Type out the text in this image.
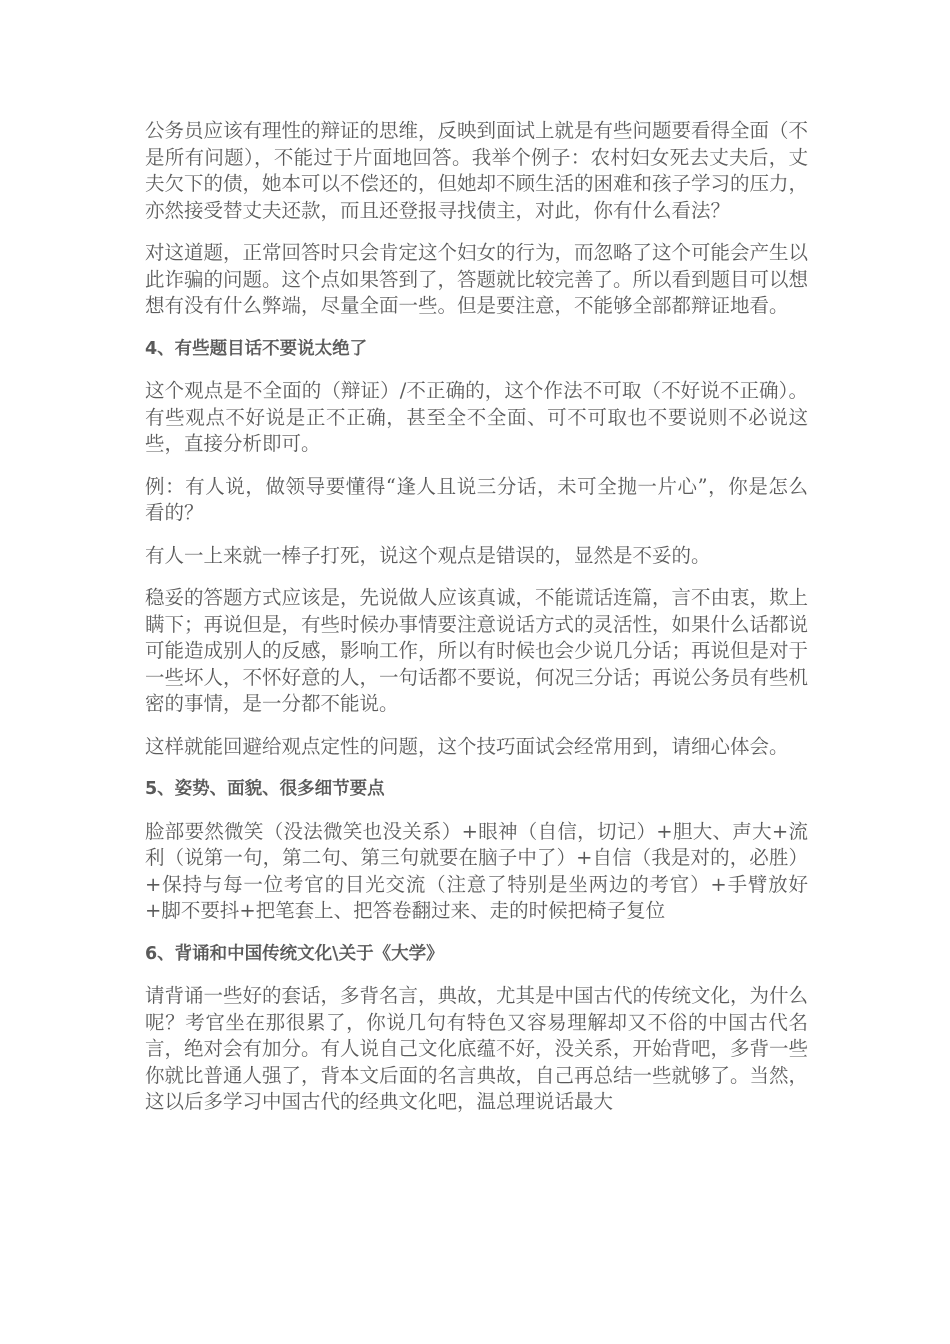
公务员应该有理性的辩证的思维，反映到面试上就是有些问题要看得全面（不是所有问题），不能过于片面地回答。我举个例子：农村妇女死去丈夫后，丈夫欠下的债，她本可以不偿还的，但她却不顾生活的困难和孩子学习的压力，亦然接受替丈夫还款，而且还登报寻找债主，对此，你有什么看法？

对这道题，正常回答时只会肯定这个妇女的行为，而忽略了这个可能会产生以此诈骗的问题。这个点如果答到了，答题就比较完善了。所以看到题目可以想想有没有什么弊端，尽量全面一些。但是要注意，不能够全部都辩证地看。

4、有些题目话不要说太绝了

这个观点是不全面的（辩证）/不正确的，这个作法不可取（不好说不正确）。有些观点不好说是正不正确，甚至全不全面、可不可取也不要说则不必说这些，直接分析即可。

例：有人说，做领导要懂得“逢人且说三分话，未可全抛一片心”，你是怎么看的？

有人一上来就一棒子打死，说这个观点是错误的，显然是不妥的。

稳妥的答题方式应该是，先说做人应该真诚，不能谎话连篇，言不由衷，欺上瞒下；再说但是，有些时候办事情要注意说话方式的灵活性，如果什么话都说可能造成别人的反感，影响工作，所以有时候也会少说几分话；再说但是对于一些坏人，不怀好意的人，一句话都不要说，何况三分话；再说公务员有些机密的事情，是一分都不能说。

这样就能回避给观点定性的问题，这个技巧面试会经常用到，请细心体会。

5、姿势、面貌、很多细节要点

脸部要然微笑（没法微笑也没关系）+眼神（自信，切记）+胆大、声大+流利（说第一句，第二句、第三句就要在脑子中了）+自信（我是对的，必胜）+保持与每一位考官的目光交流（注意了特别是坐两边的考官）+手臂放好+脚不要抖+把笔套上、把答卷翻过来、走的时候把椅子复位

6、背诵和中国传统文化\关于《大学》

请背诵一些好的套话，多背名言，典故，尤其是中国古代的传统文化，为什么呢？考官坐在那很累了，你说几句有特色又容易理解却又不俗的中国古代名言，绝对会有加分。有人说自己文化底蕴不好，没关系，开始背吧，多背一些你就比普通人强了，背本文后面的名言典故，自己再总结一些就够了。当然，这以后多学习中国古代的经典文化吧，温总理说话最大
